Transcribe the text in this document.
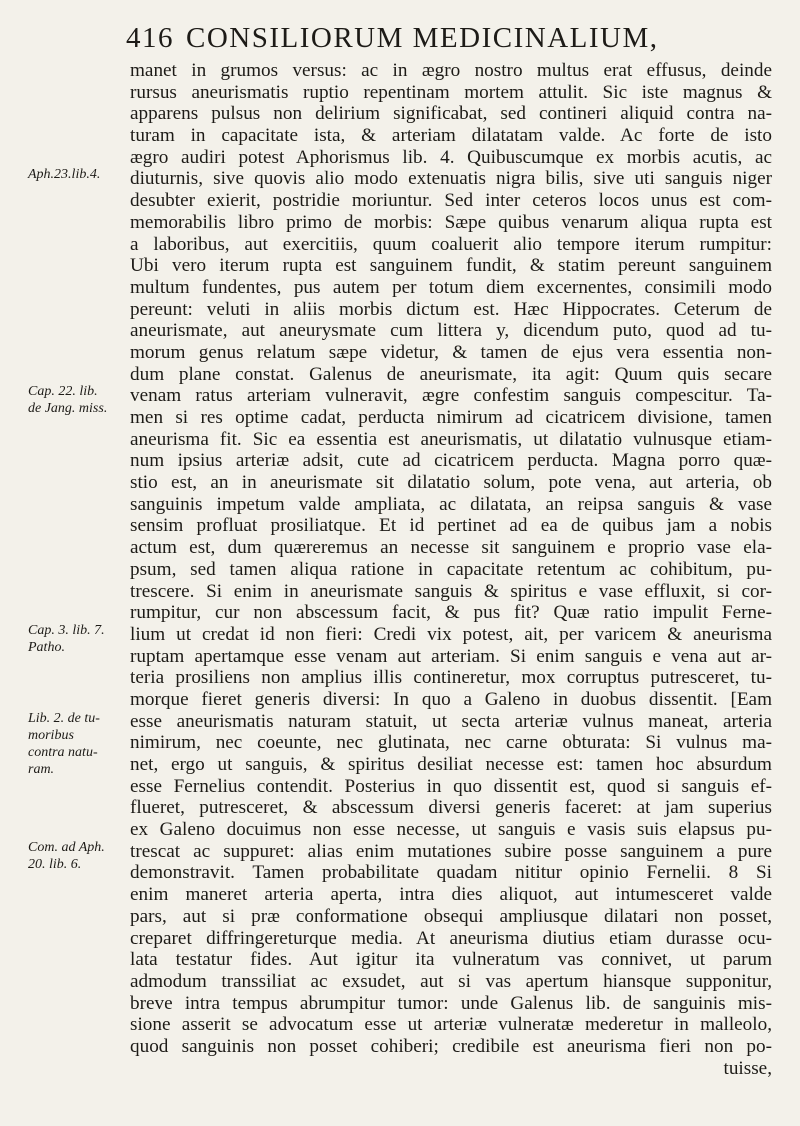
416 CONSILIORUM MEDICINALIUM,
manet in grumos versus: ac in ægro nostro multus erat effusus, deinde
rursus aneurismatis ruptio repentinam mortem attulit. Sic iste magnus &
apparens pulsus non delirium significabat, sed contineri aliquid contra na-
turam in capacitate ista, & arteriam dilatatam valde. Ac forte de isto
ægro audiri potest Aphorismus lib. 4. Quibuscumque ex morbis acutis, ac
diuturnis, sive quovis alio modo extenuatis nigra bilis, sive uti sanguis niger
desubter exierit, postridie moriuntur. Sed inter ceteros locos unus est com-
memorabilis libro primo de morbis: Sæpe quibus venarum aliqua rupta est
a laboribus, aut exercitiis, quum coaluerit alio tempore iterum rumpitur:
Ubi vero iterum rupta est sanguinem fundit, & statim pereunt sanguinem
multum fundentes, pus autem per totum diem excernentes, consimili modo
pereunt: veluti in aliis morbis dictum est. Hæc Hippocrates. Ceterum de
aneurismate, aut aneurysmate cum littera y, dicendum puto, quod ad tu-
morum genus relatum sæpe videtur, & tamen de ejus vera essentia non-
dum plane constat. Galenus de aneurismate, ita agit: Quum quis secare
venam ratus arteriam vulneravit, ægre confestim sanguis compescitur. Ta-
men si res optime cadat, perducta nimirum ad cicatricem divisione, tamen
aneurisma fit. Sic ea essentia est aneurismatis, ut dilatatio vulnusque etiam-
num ipsius arteriæ adsit, cute ad cicatricem perducta. Magna porro quæ-
stio est, an in aneurismate sit dilatatio solum, pote vena, aut arteria, ob
sanguinis impetum valde ampliata, ac dilatata, an reipsa sanguis & vase
sensim profluat prosiliatque. Et id pertinet ad ea de quibus jam a nobis
actum est, dum quæreremus an necesse sit sanguinem e proprio vase ela-
psum, sed tamen aliqua ratione in capacitate retentum ac cohibitum, pu-
trescere. Si enim in aneurismate sanguis & spiritus e vase effluxit, si cor-
rumpitur, cur non abscessum facit, & pus fit? Quæ ratio impulit Ferne-
lium ut credat id non fieri: Credi vix potest, ait, per varicem & aneurisma
ruptam apertamque esse venam aut arteriam. Si enim sanguis e vena aut ar-
teria prosiliens non amplius illis contineretur, mox corruptus putresceret, tu-
morque fieret generis diversi: In quo a Galeno in duobus dissentit. [Eam
esse aneurismatis naturam statuit, ut secta arteriæ vulnus maneat, arteria
nimirum, nec coeunte, nec glutinata, nec carne obturata: Si vulnus ma-
net, ergo ut sanguis, & spiritus desiliat necesse est: tamen hoc absurdum
esse Fernelius contendit. Posterius in quo dissentit est, quod si sanguis ef-
flueret, putresceret, & abscessum diversi generis faceret: at jam superius
ex Galeno docuimus non esse necesse, ut sanguis e vasis suis elapsus pu-
trescat ac suppuret: alias enim mutationes subire posse sanguinem a pure
demonstravit. Tamen probabilitate quadam nititur opinio Fernelii. 8 Si
enim maneret arteria aperta, intra dies aliquot, aut intumesceret valde
pars, aut si præ conformatione obsequi ampliusque dilatari non posset,
creparet diffringereturque media. At aneurisma diutius etiam durasse ocu-
lata testatur fides. Aut igitur ita vulneratum vas connivet, ut parum
admodum transsiliat ac exsudet, aut si vas apertum hiansque supponitur,
breve intra tempus abrumpitur tumor: unde Galenus lib. de sanguinis mis-
sione asserit se advocatum esse ut arteriæ vulneratæ mederetur in malleolo,
quod sanguinis non posset cohiberi; credibile est aneurisma fieri non po-
tuisse,
Aph.23.lib.4.
Cap. 22. lib.
de Jang. miss.
Cap. 3. lib. 7.
Patho.
Lib. 2. de tu-
moribus
contra natu-
ram.
Com. ad Aph.
20. lib. 6.
